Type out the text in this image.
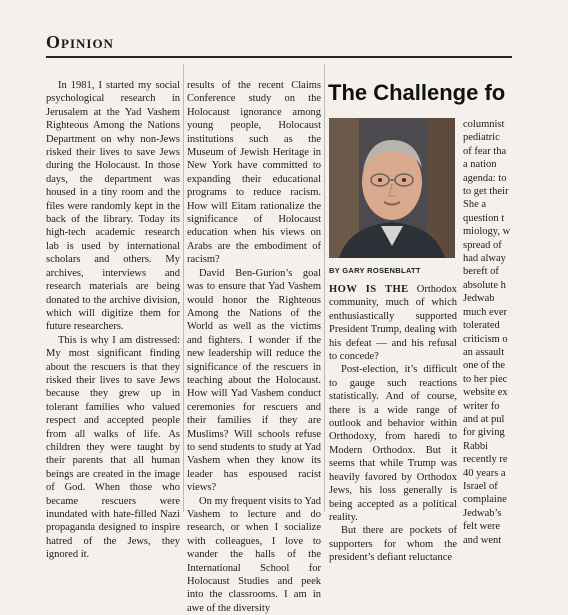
Opinion

In 1981, I started my social psychological research in Jerusalem at the Yad Vashem Righteous Among the Nations Department on why non-Jews risked their lives to save Jews during the Holocaust. In those days, the department was housed in a tiny room and the files were randomly kept in the back of the library. Today its high-tech academic research lab is used by international scholars and others. My archives, interviews and research materials are being donated to the archive division, which will digitize them for future researchers.

This is why I am distressed: My most significant finding about the rescuers is that they risked their lives to save Jews because they grew up in tolerant families who valued respect and accepted people from all walks of life. As children they were taught by their parents that all human beings are created in the image of God. When those who became rescuers were inundated with hate-filled Nazi propaganda designed to inspire hatred of the Jews, they ignored it.

results of the recent Claims Conference study on the Holocaust ignorance among young people, Holocaust institutions such as the Museum of Jewish Heritage in New York have committed to expanding their educational programs to reduce racism. How will Eitam rationalize the significance of Holocaust education when his views on Arabs are the embodiment of racism?

David Ben-Gurion’s goal was to ensure that Yad Vashem would honor the Righteous Among the Nations of the World as well as the victims and fighters. I wonder if the new leadership will reduce the significance of the rescuers in teaching about the Holocaust. How will Yad Vashem conduct ceremonies for rescuers and their families if they are Muslims? Will schools refuse to send students to study at Yad Vashem when they know its leader has espoused racist views?

On my frequent visits to Yad Vashem to lecture and do research, or when I socialize with colleagues, I love to wander the halls of the International School for Holocaust Studies and peek into the classrooms. I am in awe of the diversity

The Challenge fo
BY GARY ROSENBLATT

HOW IS THE Orthodox community, much of which enthusiastically supported President Trump, dealing with his defeat — and his refusal to concede?

Post-election, it’s difficult to gauge such reactions statistically. And of course, there is a wide range of outlook and behavior within Orthodoxy, from haredi to Modern Orthodox. But it seems that while Trump was heavily favored by Orthodox Jews, his loss generally is being accepted as a political reality.

But there are pockets of supporters for whom the president’s defiant reluctance

columnist
pediatric
of fear tha
a nation
agenda: to
to get their
She a
question t
miology, w
spread of
had alway
bereft of
absolute h
Jedwab
much ever
tolerated
criticism o
an assault
one of the
to her piec
website ex
writer fo
and at pul
for giving
Rabbi
recently re
40 years a
Israel of
complaine
Jedwab’s
felt were
and went
